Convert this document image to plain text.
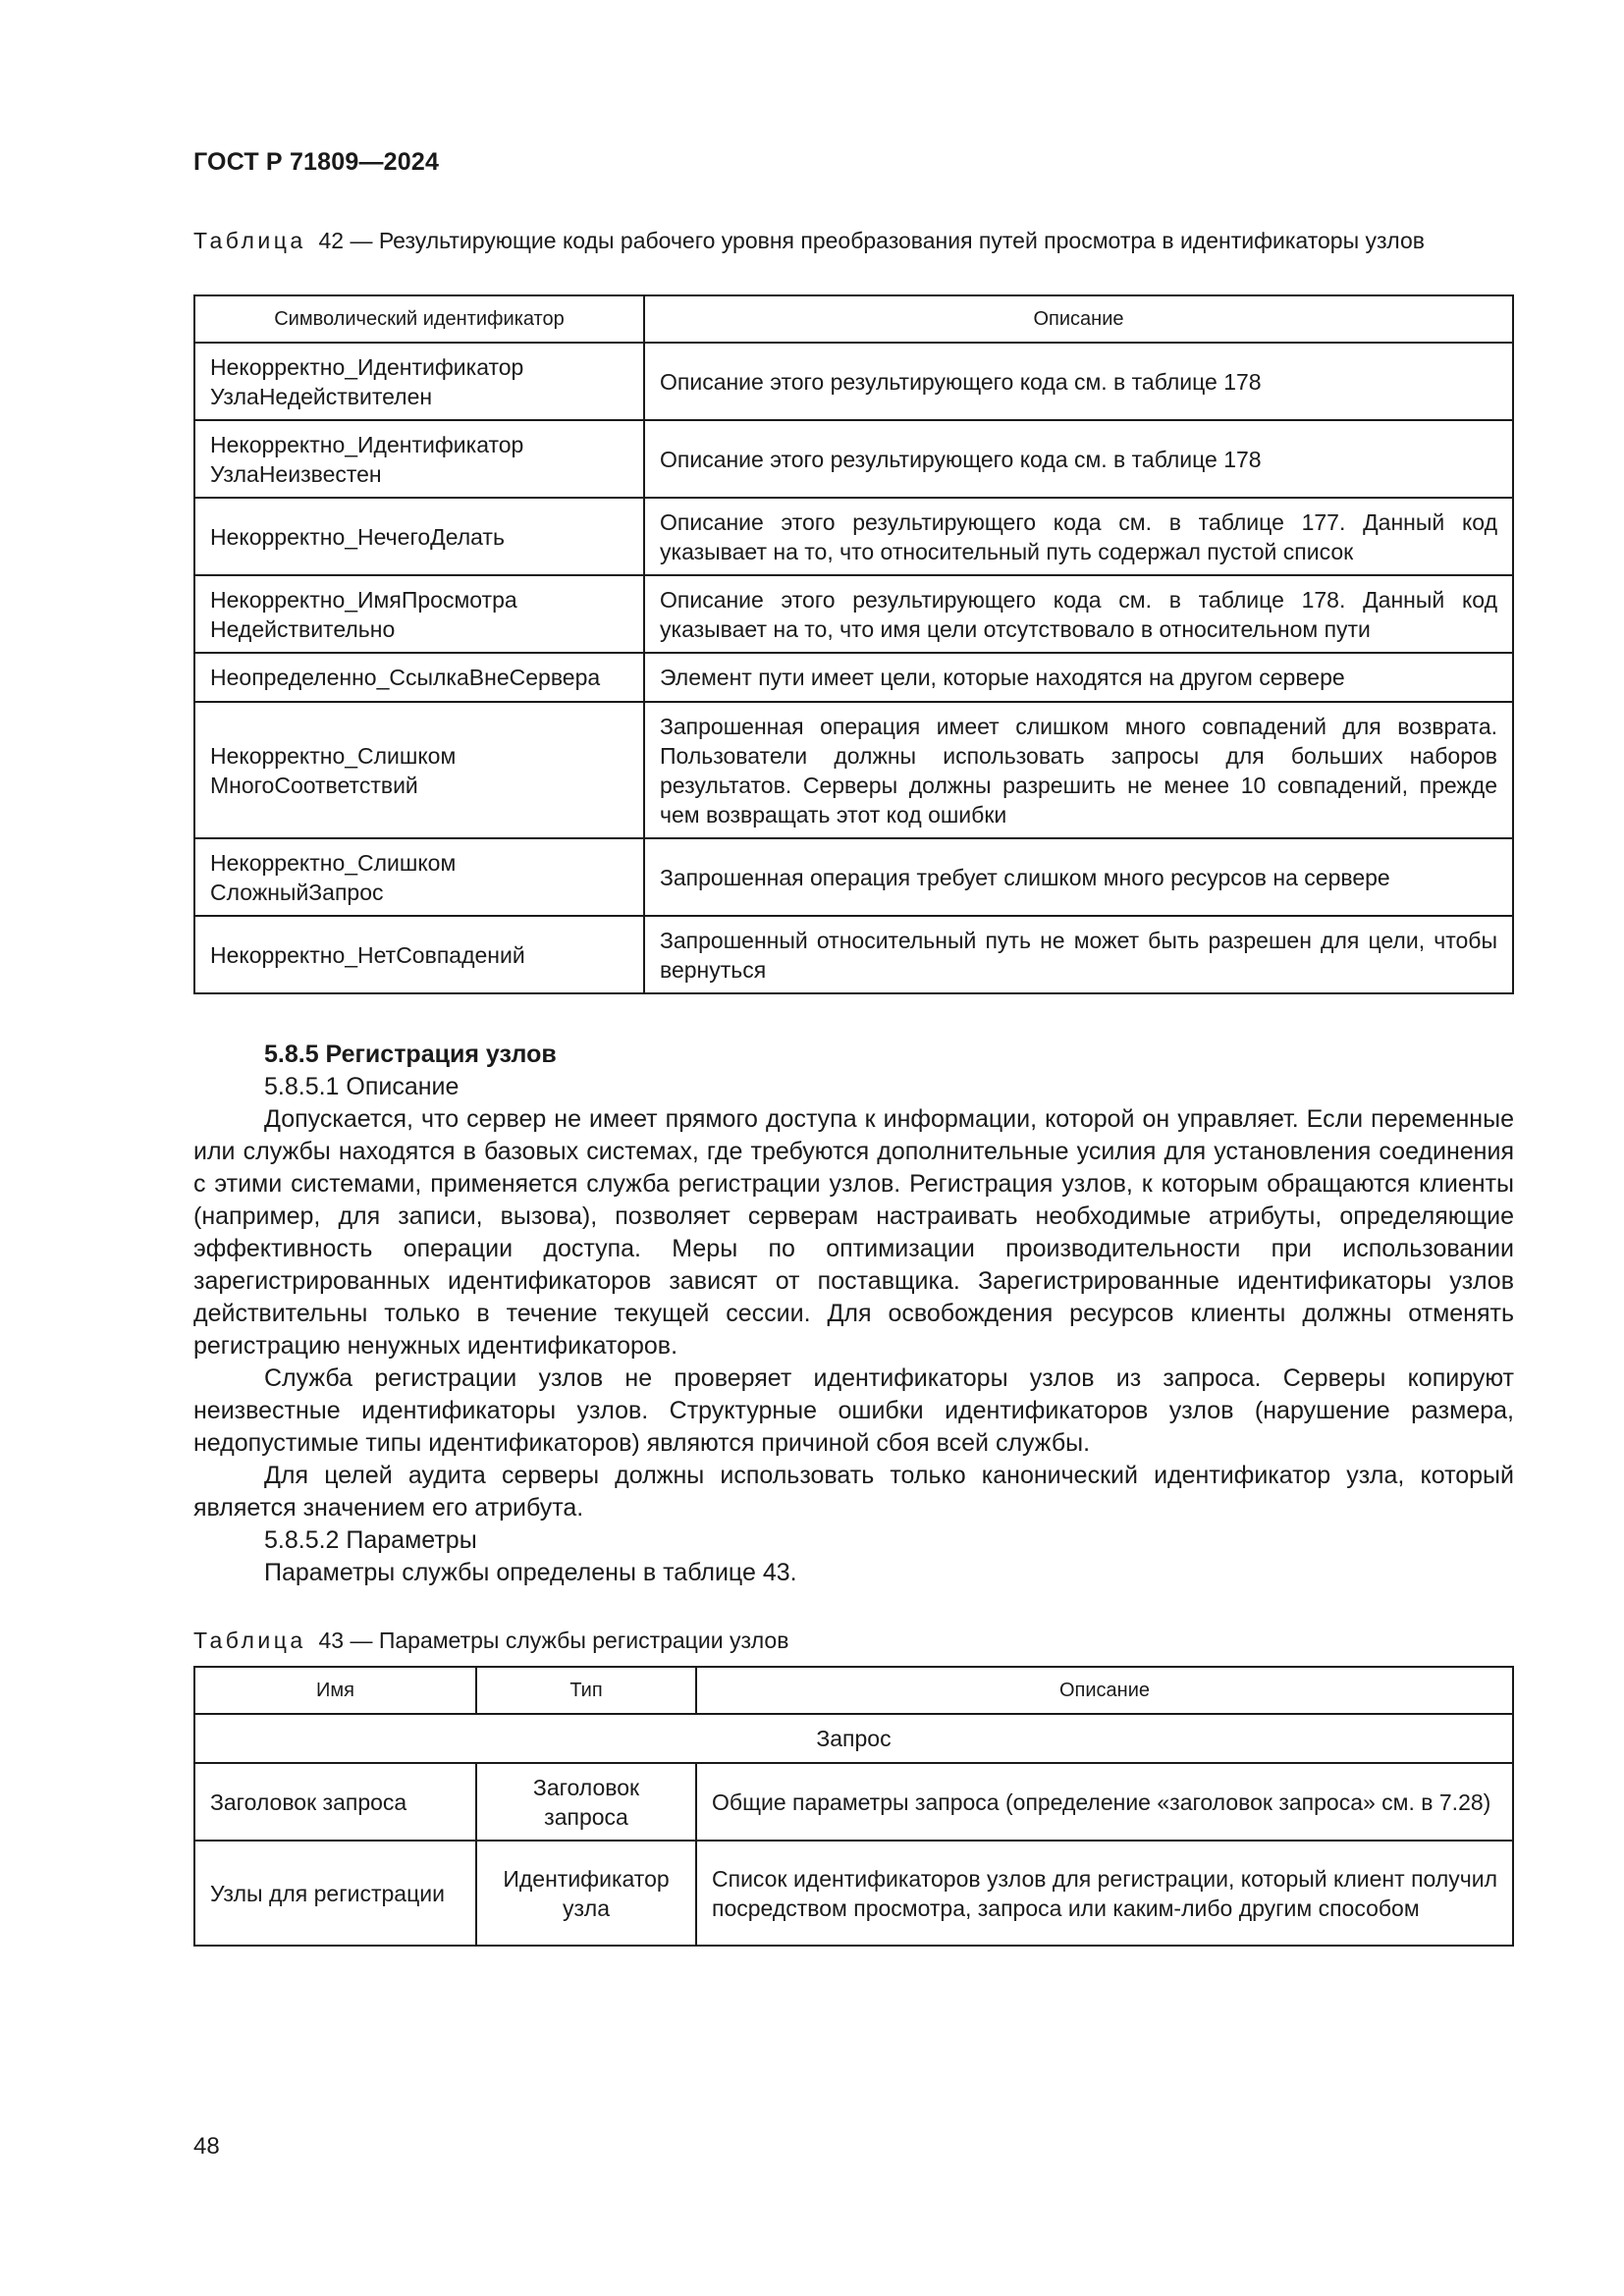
ГОСТ Р 71809—2024
Таблица 42 — Результирующие коды рабочего уровня преобразования путей просмотра в идентификаторы узлов
Символический идентификатор	Описание
Некорректно_Идентификатор УзлаНедействителен	Описание этого результирующего кода см. в таблице 178
Некорректно_Идентификатор УзлаНеизвестен	Описание этого результирующего кода см. в таблице 178
Некорректно_НечегоДелать	Описание этого результирующего кода см. в таблице 177. Данный код указывает на то, что относительный путь содержал пустой список
Некорректно_ИмяПросмотра Недействительно	Описание этого результирующего кода см. в таблице 178. Данный код указывает на то, что имя цели отсутствовало в относительном пути
Неопределенно_СсылкаВнеСервера	Элемент пути имеет цели, которые находятся на другом сервере
Некорректно_Слишком МногоСоответствий	Запрошенная операция имеет слишком много совпадений для возврата. Пользователи должны использовать запросы для больших наборов результатов. Серверы должны разрешить не менее 10 совпадений, прежде чем возвращать этот код ошибки
Некорректно_Слишком СложныйЗапрос	Запрошенная операция требует слишком много ресурсов на сервере
Некорректно_НетСовпадений	Запрошенный относительный путь не может быть разрешен для цели, чтобы вернуться

5.8.5 Регистрация узлов

5.8.5.1 Описание

Допускается, что сервер не имеет прямого доступа к информации, которой он управляет. Если переменные или службы находятся в базовых системах, где требуются дополнительные усилия для установления соединения с этими системами, применяется служба регистрации узлов. Регистрация узлов, к которым обращаются клиенты (например, для записи, вызова), позволяет серверам настраивать необходимые атрибуты, определяющие эффективность операции доступа. Меры по оптимизации производительности при использовании зарегистрированных идентификаторов зависят от поставщика. Зарегистрированные идентификаторы узлов действительны только в течение текущей сессии. Для освобождения ресурсов клиенты должны отменять регистрацию ненужных идентификаторов.

Служба регистрации узлов не проверяет идентификаторы узлов из запроса. Серверы копируют неизвестные идентификаторы узлов. Структурные ошибки идентификаторов узлов (нарушение размера, недопустимые типы идентификаторов) являются причиной сбоя всей службы.

Для целей аудита серверы должны использовать только канонический идентификатор узла, который является значением его атрибута.

5.8.5.2 Параметры

Параметры службы определены в таблице 43.

Таблица 43 — Параметры службы регистрации узлов
Имя	Тип	Описание
Запрос		
Заголовок запроса	Заголовок запроса	Общие параметры запроса (определение «заголовок запроса» см. в 7.28)
Узлы для регистрации	Идентификатор узла	Список идентификаторов узлов для регистрации, который клиент получил посредством просмотра, запроса или каким-либо другим способом
48
